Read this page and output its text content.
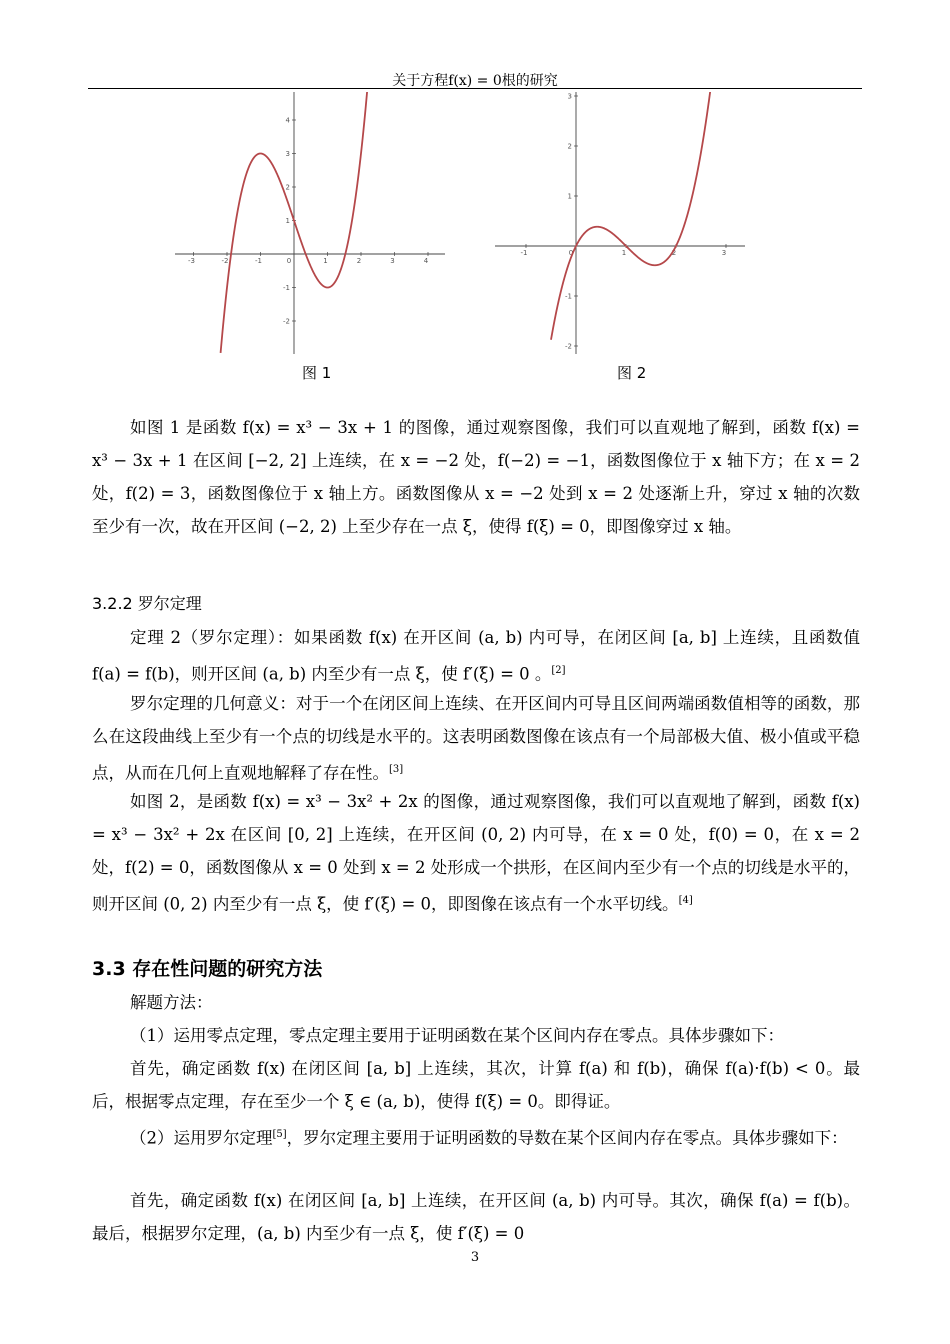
关于方程f(x) = 0根的研究
-3	-2	-1	0	1	2	3	4
4
3
2
1
-1
-2
图 1
-1	0	1	2	3
3
2
1
-1
-2
图 2
如图 1 是函数 f(x) = x³ − 3x + 1 的图像，通过观察图像，我们可以直观地了解到，函数 f(x) = x³ − 3x + 1 在区间 [−2, 2] 上连续，在 x = −2 处，f(−2) = −1，函数图像位于 x 轴下方；在 x = 2 处，f(2) = 3，函数图像位于 x 轴上方。函数图像从 x = −2 处到 x = 2 处逐渐上升，穿过 x 轴的次数至少有一次，故在开区间 (−2, 2) 上至少存在一点 ξ，使得 f(ξ) = 0，即图像穿过 x 轴。
3.2.2 罗尔定理
定理 2（罗尔定理）：如果函数 f(x) 在开区间 (a, b) 内可导，在闭区间 [a, b] 上连续，且函数值 f(a) = f(b)，则开区间 (a, b) 内至少有一点 ξ，使 f′(ξ) = 0 。[2]
罗尔定理的几何意义：对于一个在闭区间上连续、在开区间内可导且区间两端函数值相等的函数，那么在这段曲线上至少有一个点的切线是水平的。这表明函数图像在该点有一个局部极大值、极小值或平稳点，从而在几何上直观地解释了存在性。[3]
如图 2，是函数 f(x) = x³ − 3x² + 2x 的图像，通过观察图像，我们可以直观地了解到，函数 f(x) = x³ − 3x² + 2x 在区间 [0, 2] 上连续，在开区间 (0, 2) 内可导，在 x = 0 处，f(0) = 0，在 x = 2 处，f(2) = 0，函数图像从 x = 0 处到 x = 2 处形成一个拱形，在区间内至少有一个点的切线是水平的，则开区间 (0, 2) 内至少有一点 ξ，使 f′(ξ) = 0，即图像在该点有一个水平切线。[4]
3.3 存在性问题的研究方法
解题方法：
（1）运用零点定理，零点定理主要用于证明函数在某个区间内存在零点。具体步骤如下：
首先，确定函数 f(x) 在闭区间 [a, b] 上连续，其次，计算 f(a) 和 f(b)，确保 f(a)·f(b) < 0。最后，根据零点定理，存在至少一个 ξ ∈ (a, b)，使得 f(ξ) = 0。即得证。
（2）运用罗尔定理[5]，罗尔定理主要用于证明函数的导数在某个区间内存在零点。具体步骤如下：
首先，确定函数 f(x) 在闭区间 [a, b] 上连续，在开区间 (a, b) 内可导。其次，确保 f(a) = f(b)。最后，根据罗尔定理，(a, b) 内至少有一点 ξ，使 f′(ξ) = 0
3
